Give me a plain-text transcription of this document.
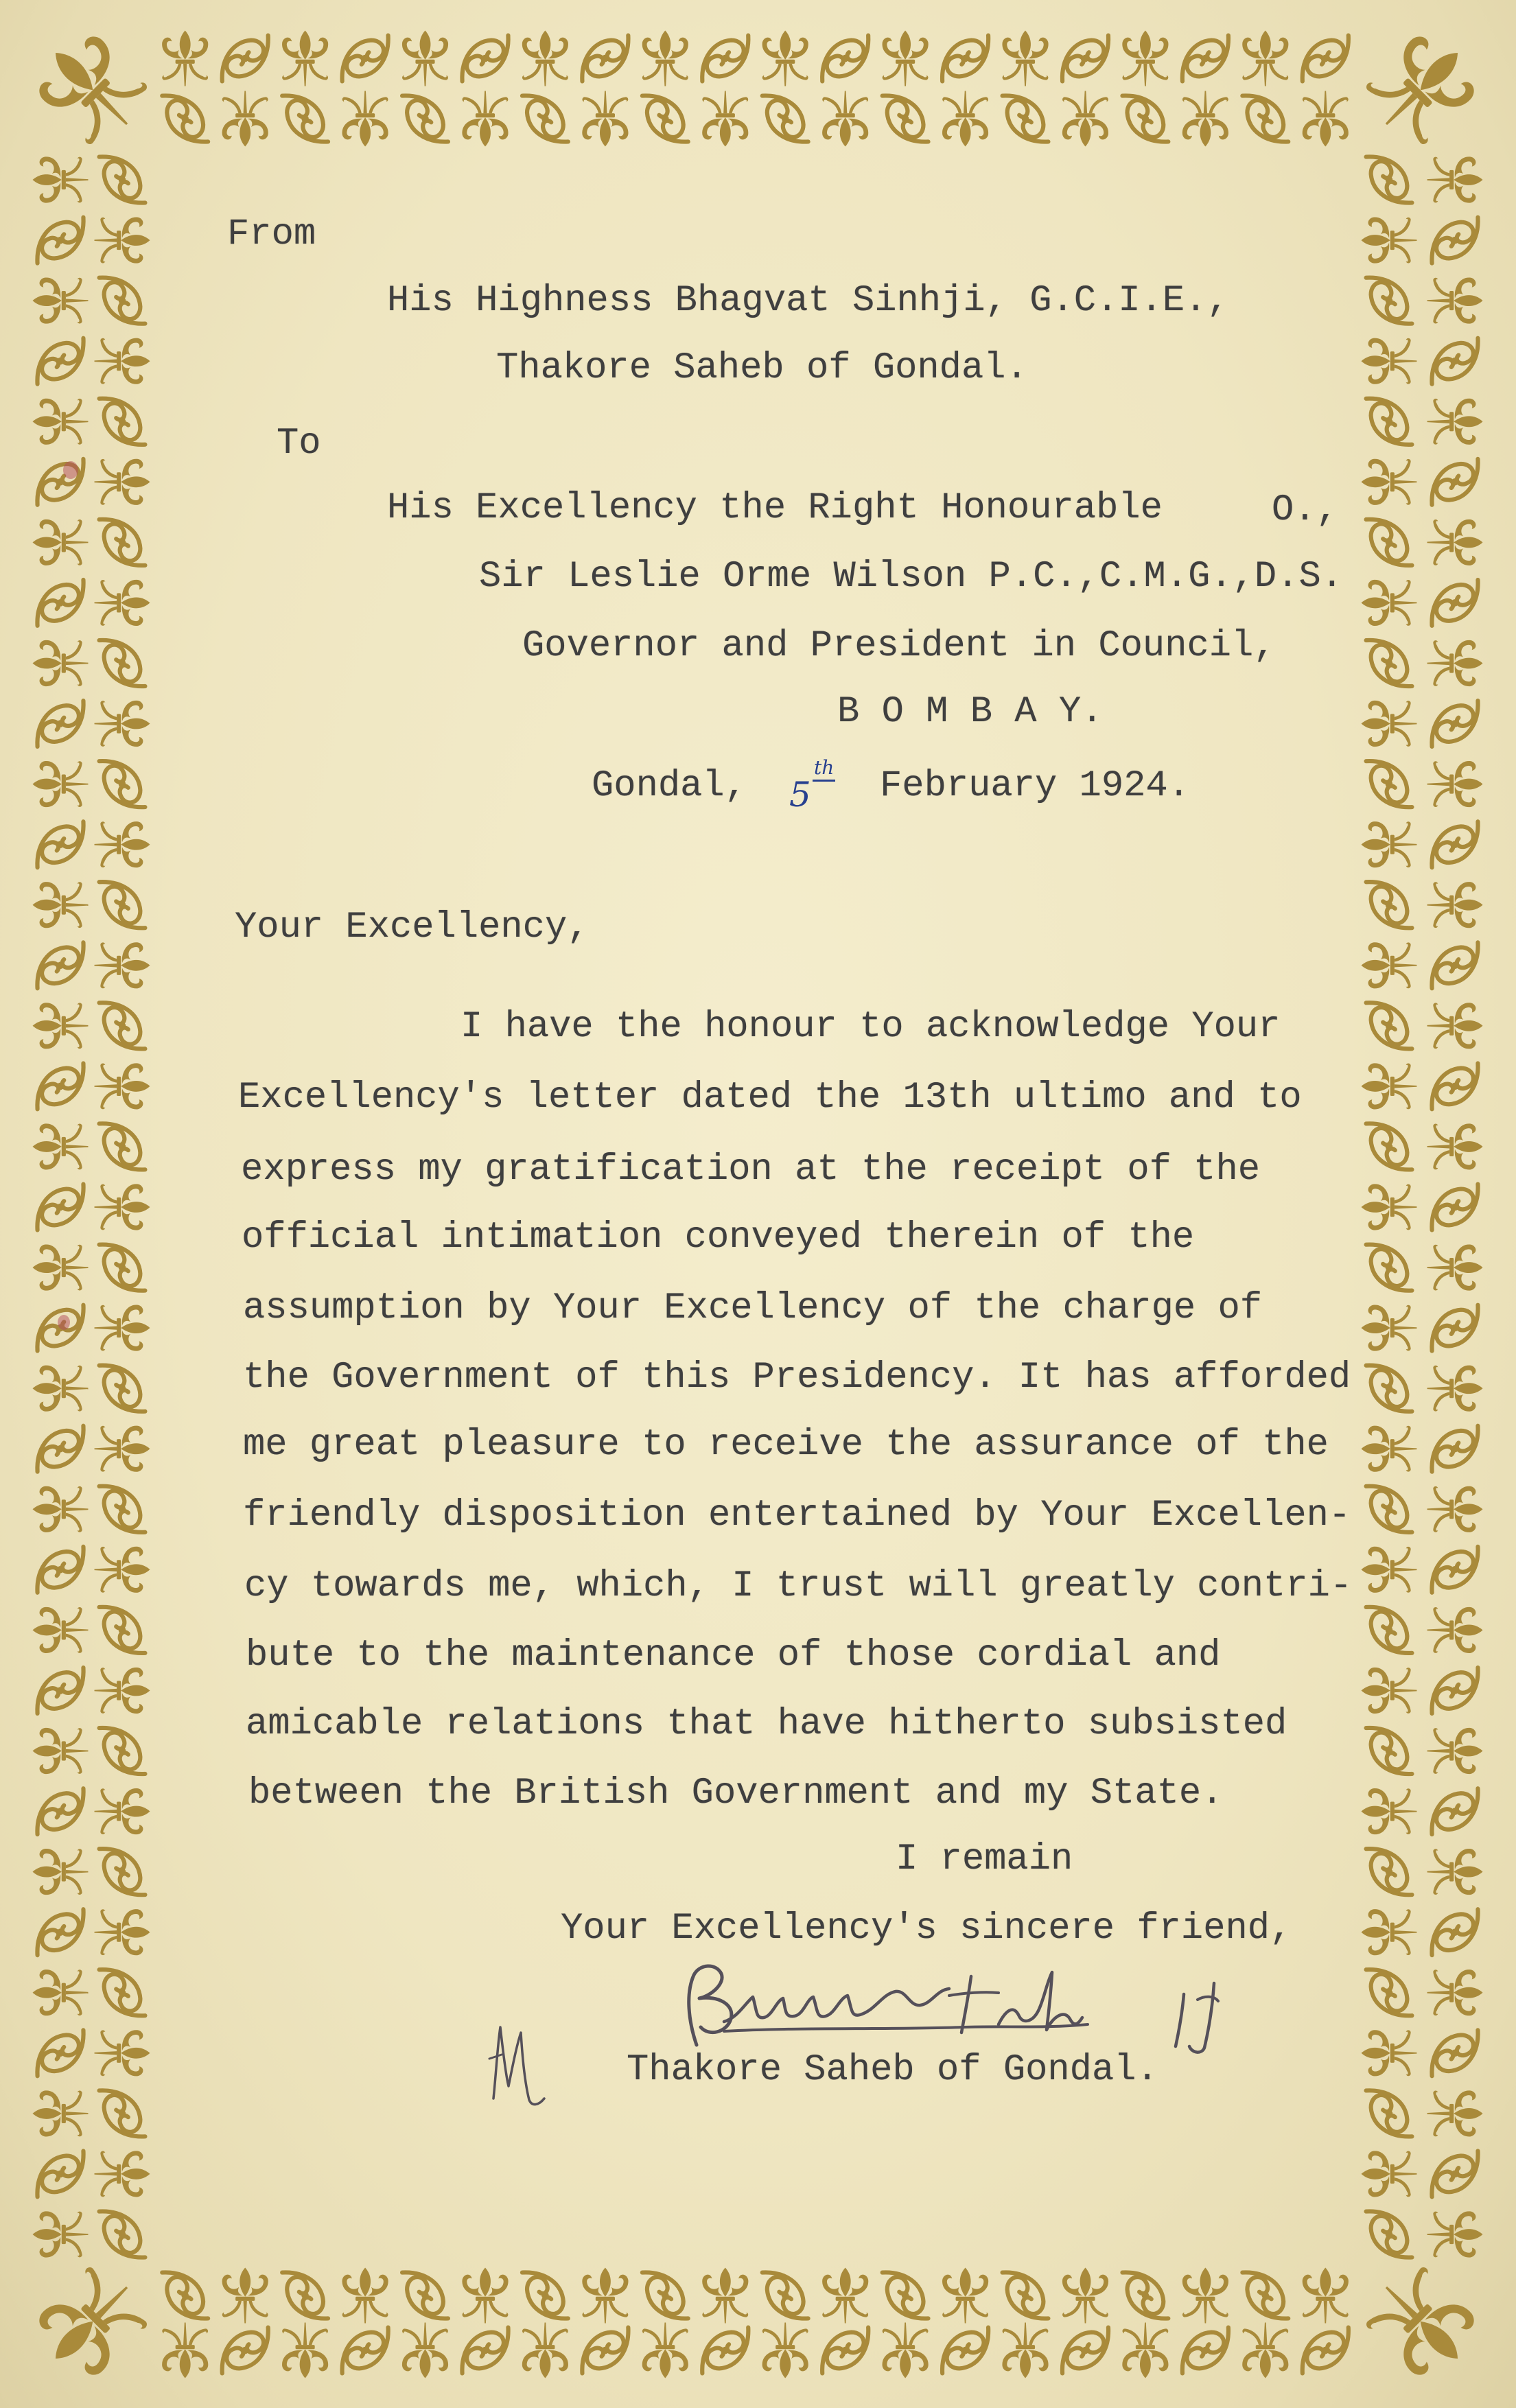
From
His Highness Bhagvat Sinhji, G.C.I.E.,
Thakore Saheb of Gondal.
To
His Excellency the Right Honourable	O.,
Sir Leslie Orme Wilson P.C.,C.M.G.,D.S.
Governor and President in Council,
B O M B A Y.
Gondal, 5
th February 1924.
Your Excellency,
I have the honour to acknowledge Your
Excellency's letter dated the 13th ultimo and to
express my gratification at the receipt of the
official intimation conveyed therein of the
assumption by Your Excellency of the charge of
the Government of this Presidency. It has afforded
me great pleasure to receive the assurance of the
friendly disposition entertained by Your Excellen-
cy towards me, which, I trust will greatly contri-
bute to the maintenance of those cordial and
amicable relations that have hitherto subsisted
between the British Government and my State.
I remain
Your Excellency's sincere friend,
Thakore Saheb of Gondal.
